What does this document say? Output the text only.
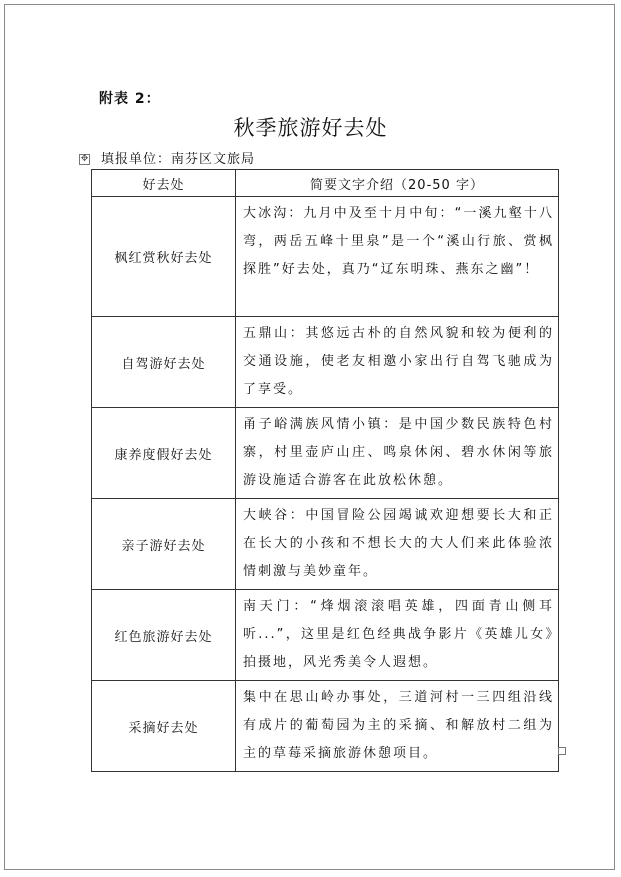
附表 2：
秋季旅游好去处
✥ 填报单位：南芬区文旅局
好去处	简要文字介绍（20-50 字）
枫红赏秋好去处	大冰沟：九月中及至十月中旬：“一溪九壑十八弯，两岳五峰十里泉”是一个“溪山行旅、赏枫探胜”好去处，真乃“辽东明珠、燕东之幽”！
自驾游好去处	五鼎山：其悠远古朴的自然风貌和较为便利的交通设施，使老友相邀小家出行自驾飞驰成为了享受。
康养度假好去处	甬子峪满族风情小镇：是中国少数民族特色村寨，村里壶庐山庄、鸣泉休闲、碧水休闲等旅游设施适合游客在此放松休憩。
亲子游好去处	大峡谷：中国冒险公园竭诚欢迎想要长大和正在长大的小孩和不想长大的大人们来此体验浓情刺激与美妙童年。
红色旅游好去处	南天门：“烽烟滚滚唱英雄，四面青山侧耳听...”，这里是红色经典战争影片《英雄儿女》拍摄地，风光秀美令人遐想。
采摘好去处	集中在思山岭办事处，三道河村一三四组沿线有成片的葡萄园为主的采摘、和解放村二组为主的草莓采摘旅游休憩项目。
